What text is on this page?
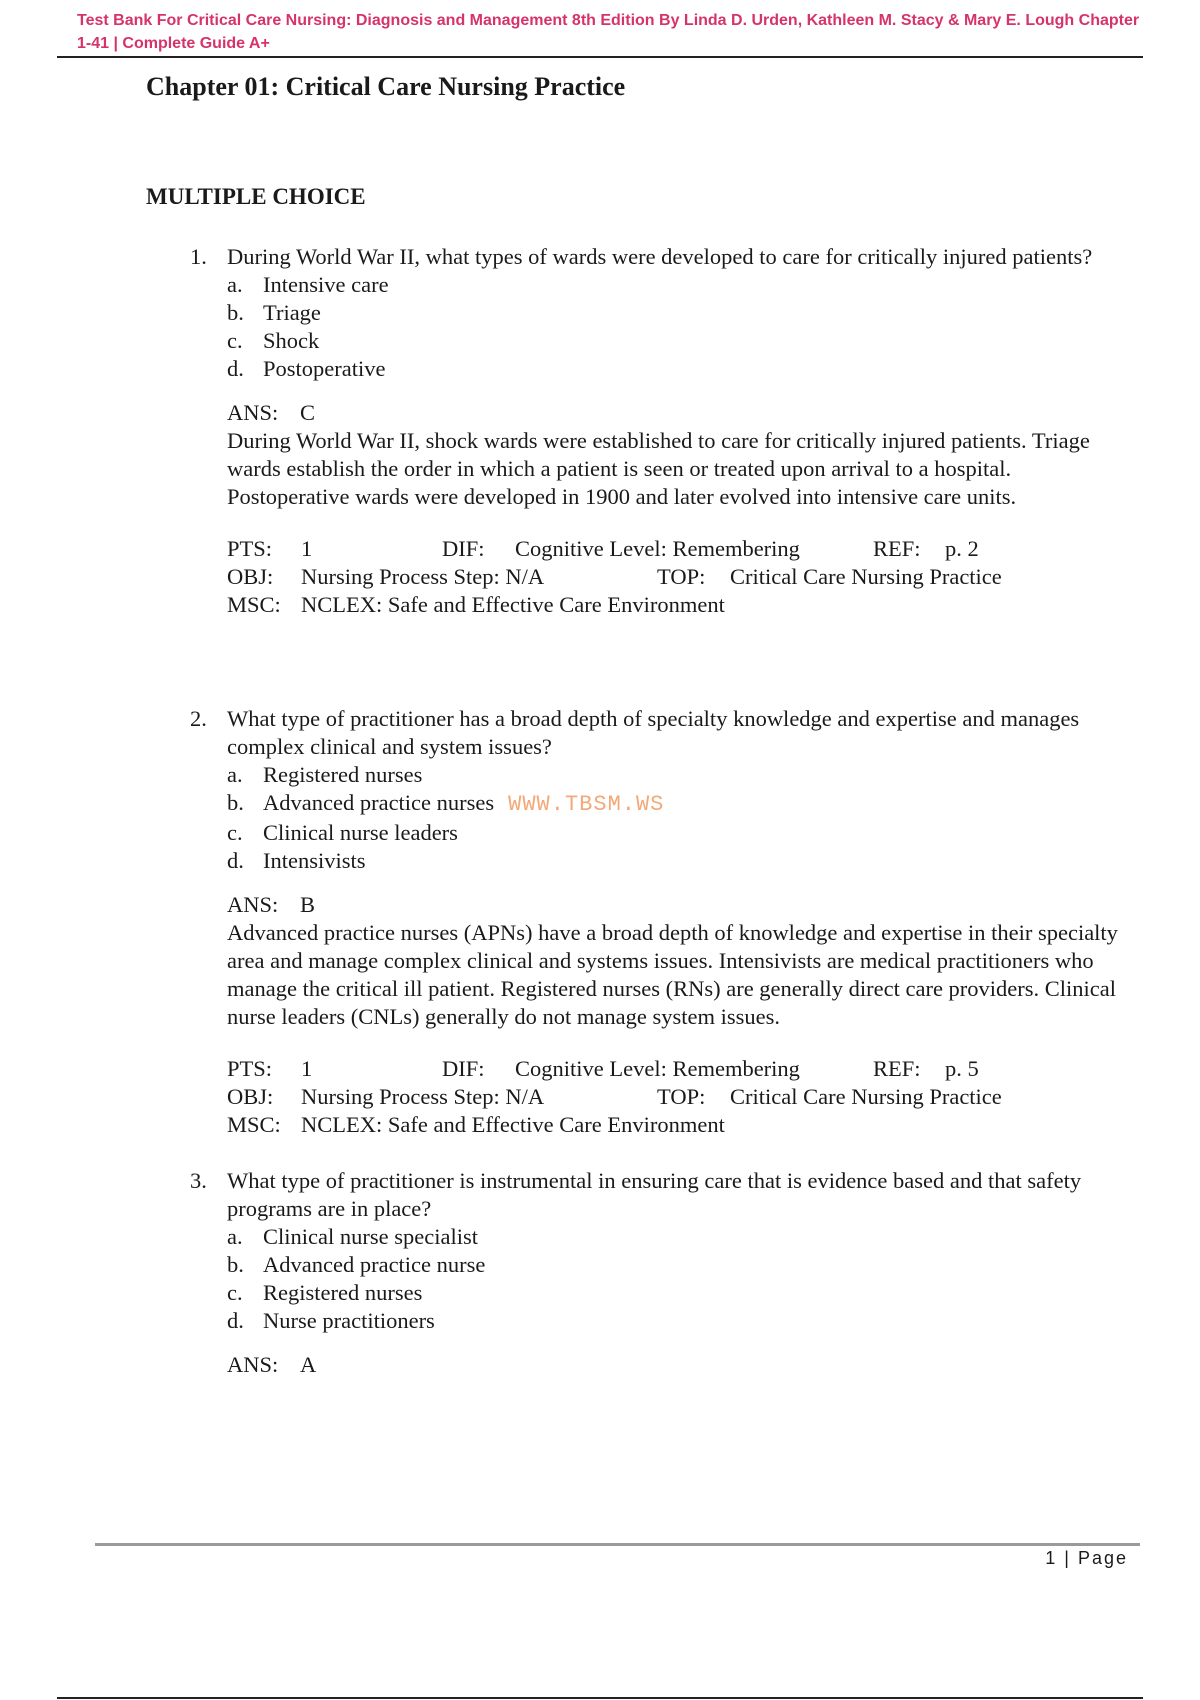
Test Bank For Critical Care Nursing: Diagnosis and Management 8th Edition By Linda D. Urden, Kathleen M. Stacy & Mary E. Lough Chapter 1-41 | Complete Guide A+
Chapter 01: Critical Care Nursing Practice
MULTIPLE CHOICE
1. During World War II, what types of wards were developed to care for critically injured patients?

a. Intensive care
b. Triage
c. Shock
d. Postoperative
ANS: C

During World War II, shock wards were established to care for critically injured patients. Triage wards establish the order in which a patient is seen or treated upon arrival to a hospital. Postoperative wards were developed in 1900 and later evolved into intensive care units.

PTS: 1	DIF: Cognitive Level: Remembering	REF: p. 2
OBJ: Nursing Process Step: N/A	TOP: Critical Care Nursing Practice
MSC: NCLEX: Safe and Effective Care Environment
2. What type of practitioner has a broad depth of specialty knowledge and expertise and manages complex clinical and system issues?

a. Registered nurses
b. Advanced practice nurses WWW.TBSM.WS
c. Clinical nurse leaders
d. Intensivists
ANS: B

Advanced practice nurses (APNs) have a broad depth of knowledge and expertise in their specialty area and manage complex clinical and systems issues. Intensivists are medical practitioners who manage the critical ill patient. Registered nurses (RNs) are generally direct care providers. Clinical nurse leaders (CNLs) generally do not manage system issues.

PTS: 1	DIF: Cognitive Level: Remembering	REF: p. 5
OBJ: Nursing Process Step: N/A	TOP: Critical Care Nursing Practice
MSC: NCLEX: Safe and Effective Care Environment
3. What type of practitioner is instrumental in ensuring care that is evidence based and that safety programs are in place?

a. Clinical nurse specialist
b. Advanced practice nurse
c. Registered nurses
d. Nurse practitioners
ANS: A
1 | Page
